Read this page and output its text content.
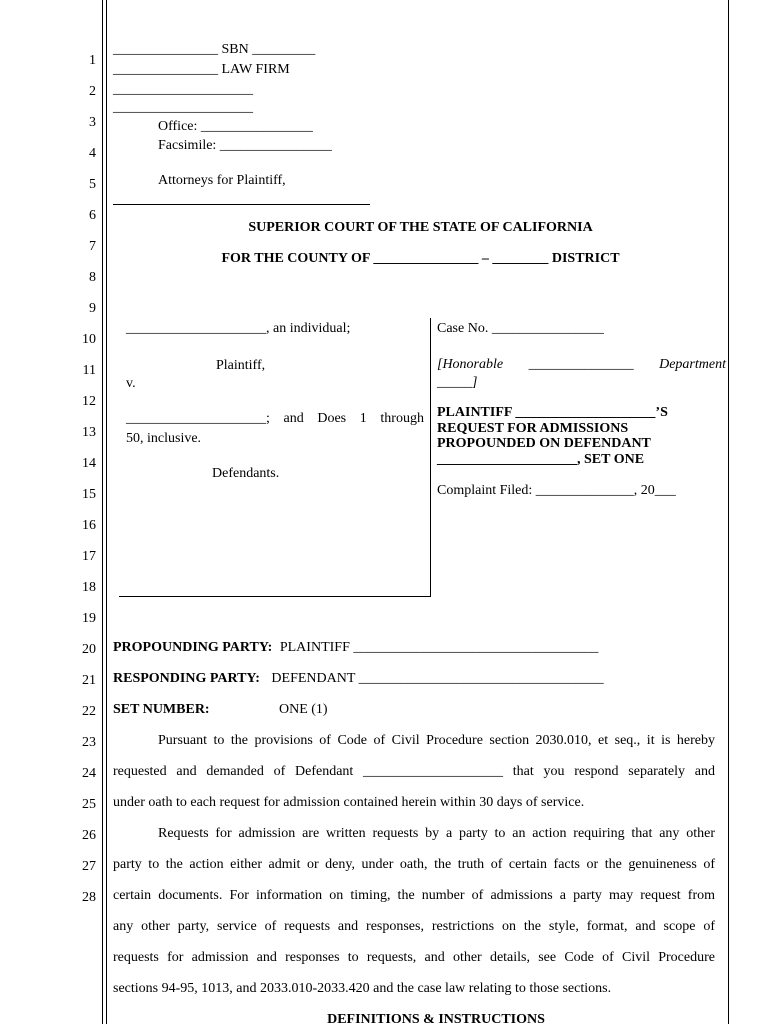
1
2
3
4
5
6
7
8
9
10
11
12
13
14
15
16
17
18
19
20
21
22
23
24
25
26
27
28
_______________ SBN _________
_______________ LAW FIRM
____________________
____________________
Office: ________________
Facsimile: ________________
Attorneys for Plaintiff,
SUPERIOR COURT OF THE STATE OF CALIFORNIA
FOR THE COUNTY OF _______________ – ________ DISTRICT
____________________, an individual;
Plaintiff,
v.
____________________; and Does 1 through
50, inclusive.
Defendants.
Case No. ________________
[Honorable _______________ Department
_____]
PLAINTIFF ____________________’S
REQUEST FOR ADMISSIONS
PROPOUNDED ON DEFENDANT
____________________, SET ONE
Complaint Filed: ______________, 20___
PROPOUNDING PARTY: PLAINTIFF ___________________________________
RESPONDING PARTY: DEFENDANT ___________________________________
SET NUMBER:	ONE (1)
Pursuant to the provisions of Code of Civil Procedure section 2030.010, et seq., it is hereby
requested and demanded of Defendant ____________________ that you respond separately and
under oath to each request for admission contained herein within 30 days of service.
Requests for admission are written requests by a party to an action requiring that any other
party to the action either admit or deny, under oath, the truth of certain facts or the genuineness of
certain documents. For information on timing, the number of admissions a party may request from
any other party, service of requests and responses, restrictions on the style, format, and scope of
requests for admission and responses to requests, and other details, see Code of Civil Procedure
sections 94-95, 1013, and 2033.010-2033.420 and the case law relating to those sections.
DEFINITIONS & INSTRUCTIONS
